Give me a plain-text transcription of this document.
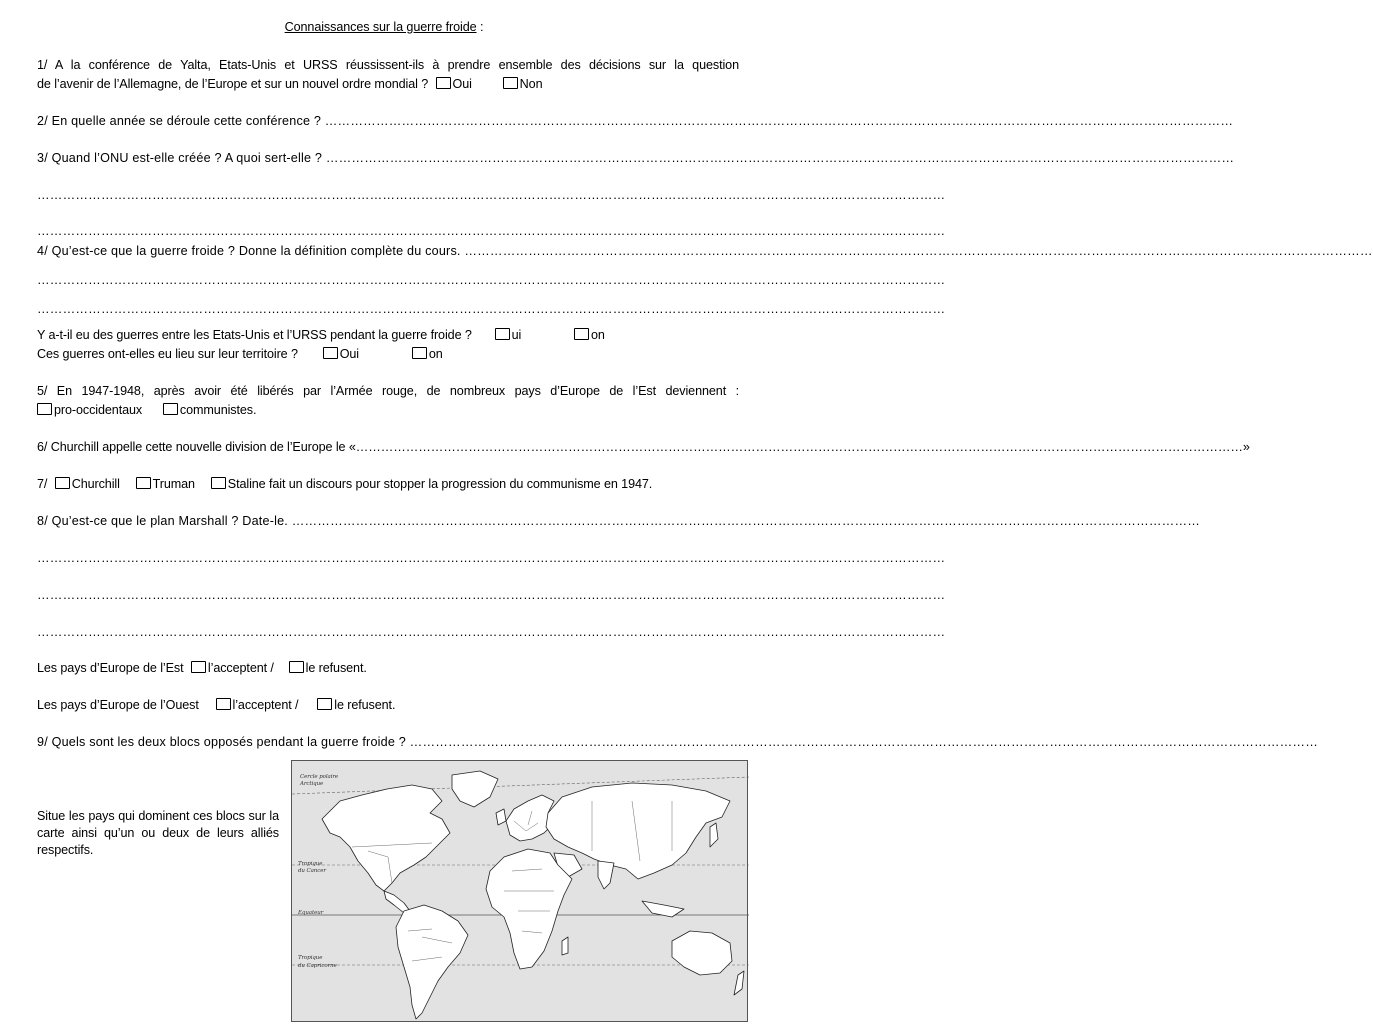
Connaissances sur la guerre froide :
1/ A la conférence de Yalta, Etats-Unis et URSS réussissent-ils à prendre ensemble des décisions sur la question
de l’avenir de l’Allemagne, de l’Europe et sur un nouvel ordre mondial ? Oui	Non
2/ En quelle année se déroule cette conférence ? ……………………………………………………………………………………………………………………………………………………………………………………………
3/ Quand l’ONU est-elle créée ? A quoi sert-elle ? ……………………………………………………………………………………………………………………………………………………………………………………………
……………………………………………………………………………………………………………………………………………………………………………………………
……………………………………………………………………………………………………………………………………………………………………………………………
4/ Qu’est-ce que la guerre froide ? Donne la définition complète du cours. ……………………………………………………………………………………………………………………………………………………………………………………………
……………………………………………………………………………………………………………………………………………………………………………………………
……………………………………………………………………………………………………………………………………………………………………………………………
Y a-t-il eu des guerres entre les Etats-Unis et l’URSS pendant la guerre froide ?	ui	on
Ces guerres ont-elles eu lieu sur leur territoire ?	Oui	on
5/ En 1947-1948, après avoir été libérés par l’Armée rouge, de nombreux pays d’Europe de l’Est deviennent :
pro-occidentaux	communistes.
6/ Churchill appelle cette nouvelle division de l’Europe le « …………………………………………………………………………………………………………………………………………………………………………………………… »
7/ Churchill	Truman	Staline fait un discours pour stopper la progression du communisme en 1947.
8/ Qu’est-ce que le plan Marshall ? Date-le. ……………………………………………………………………………………………………………………………………………………………………………………………
……………………………………………………………………………………………………………………………………………………………………………………………
……………………………………………………………………………………………………………………………………………………………………………………………
……………………………………………………………………………………………………………………………………………………………………………………………
Les pays d’Europe de l’Est l’acceptent /	le refusent.
Les pays d’Europe de l’Ouest	l’acceptent /	le refusent.
9/ Quels sont les deux blocs opposés pendant la guerre froide ? ……………………………………………………………………………………………………………………………………………………………………………………………
Situe les pays qui dominent ces blocs sur la carte ainsi qu’un ou deux de leurs alliés respectifs.
Cercle polaire
Arctique
Tropique
du Cancer
Equateur
Tropique
du Capricorne
